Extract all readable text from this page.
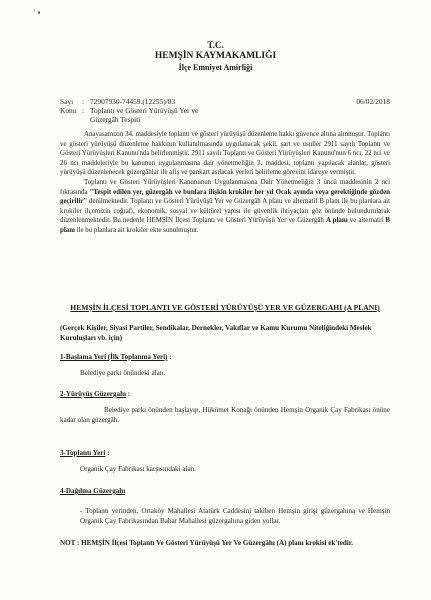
' ▪
T.C.
HEMŞİN KAYMAKAMLIĞI
İlçe Emniyet Amirliği
Sayı	: 72907930-74459.(12255)/83	06/02/2018
Konu : Toplantı ve Gösteri Yürüyüşü Yer ve
Güzergâh Tespiti

Anayasamızın 34. maddesiyle toplantı ve gösteri yürüyüşü düzenleme hakkı güvence altına alınmıştır. Toplantı ve gösteri yürüyüşü düzenleme hakkının kullanılmasında uygulanacak şekil, şart ve usuller 2911 sayılı Toplantı ve Gösteri Yürüyüşleri Kanunu'nda belirlenmiştir. 2911 sayılı Toplantı ve Gösteri Yürüyüşleri Kanunu'nun 6 ncı, 22 nci ve 26 ncı maddeleriyle bu kanunun uygulanmasına dair yönetmeliğin 3. maddesi, toplantı yapılacak alanlar, gösteri yürüyüşü düzenlenecek güzergâhlar ile afiş ve pankart asılacak yerleri belirleme görevini idareye vermiştir.

Toplantı ve Gösteri Yürüyüşleri Kanununun Uygulanmasına Dair Yönetmeliğin 3 üncü maddesinin 2 nci fıkrasında "Tespit edilen yer, güzergâh ve bunlara ilişkin krokiler her yıl Ocak ayında veya gerektiğinde gözden geçirilir" denilmektedir. Toplantı ve Gösteri Yürüyüşü Yer ve Güzergâh A planı ve alternatif B planı ile bu planlara ait krokiler ilçemizin coğrafi, ekonomik, sosyal ve kültürel yapısı ile güvenlik ihtiyaçları göz önünde bulundurularak düzenlenmektedir. Bu nedenle HEMŞİN İlçesi Toplantı ve Gösteri Yürüyüşü Yer ve Güzergâh A planı ve alternatif B planı ile bu planlara ait krokiler ekte sunulmuştur.

HEMŞİN İLÇESİ TOPLANTI VE GÖSTERİ YÜRÜYÜŞÜ YER VE GÜZERGAHI (A PLANI)
(Gerçek Kişiler, Siyasi Partiler, Sendikalar, Dernekler, Vakıflar ve Kamu Kurumu Niteliğindeki Meslek Kuruluşları vb. için)
1-Başlama Yeri (İlk Toplanma Yeri) :
Belediye parkı önündeki alan.
2-Yürüyüş Güzergahı :
Belediye parkı önünden başlayıp, Hükümet Konağı önünden Hemşin Organik Çay Fabrikası önüne kadar olan güzergâh.
3-Toplantı Yeri :
Organik Çay Fabrikası karşısındaki alan.
4-Dağılma Güzergahı
- Toplantı yerinden, Ortaköy Mahallesi Atatürk Caddesini takiben Hemşin girişi güzergahına ve Hemşin Organik Çay Fabrikasından Bahar Mahallesi güzergahına giden yollar.
NOT : HEMŞİN İlçesi Toplantı Ve Gösteri Yürüyüşü Yer Ve Güzergâhı (A) planı krokisi ek'tedir.
